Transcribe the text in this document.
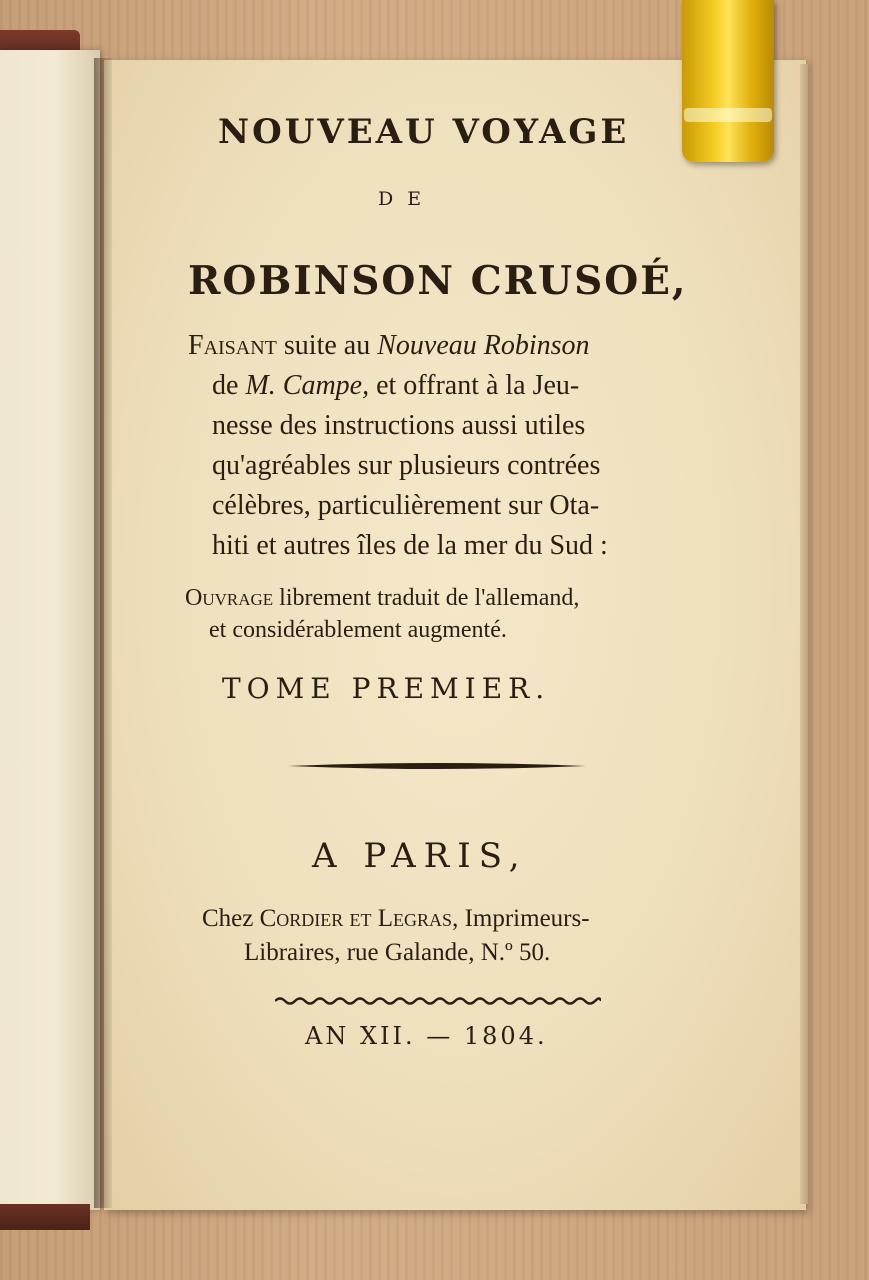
NOUVEAU VOYAGE
DE
ROBINSON CRUSOÉ,
Faisant suite au Nouveau Robinson
de M. Campe, et offrant à la Jeu-
nesse des instructions aussi utiles
qu'agréables sur plusieurs contrées
célèbres, particulièrement sur Ota-
hiti et autres îles de la mer du Sud :
Ouvrage librement traduit de l'allemand,
et considérablement augmenté.
TOME PREMIER.
A PARIS,
Chez Cordier et Legras, Imprimeurs-
Libraires, rue Galande, N.º 50.
AN XII. — 1804.
